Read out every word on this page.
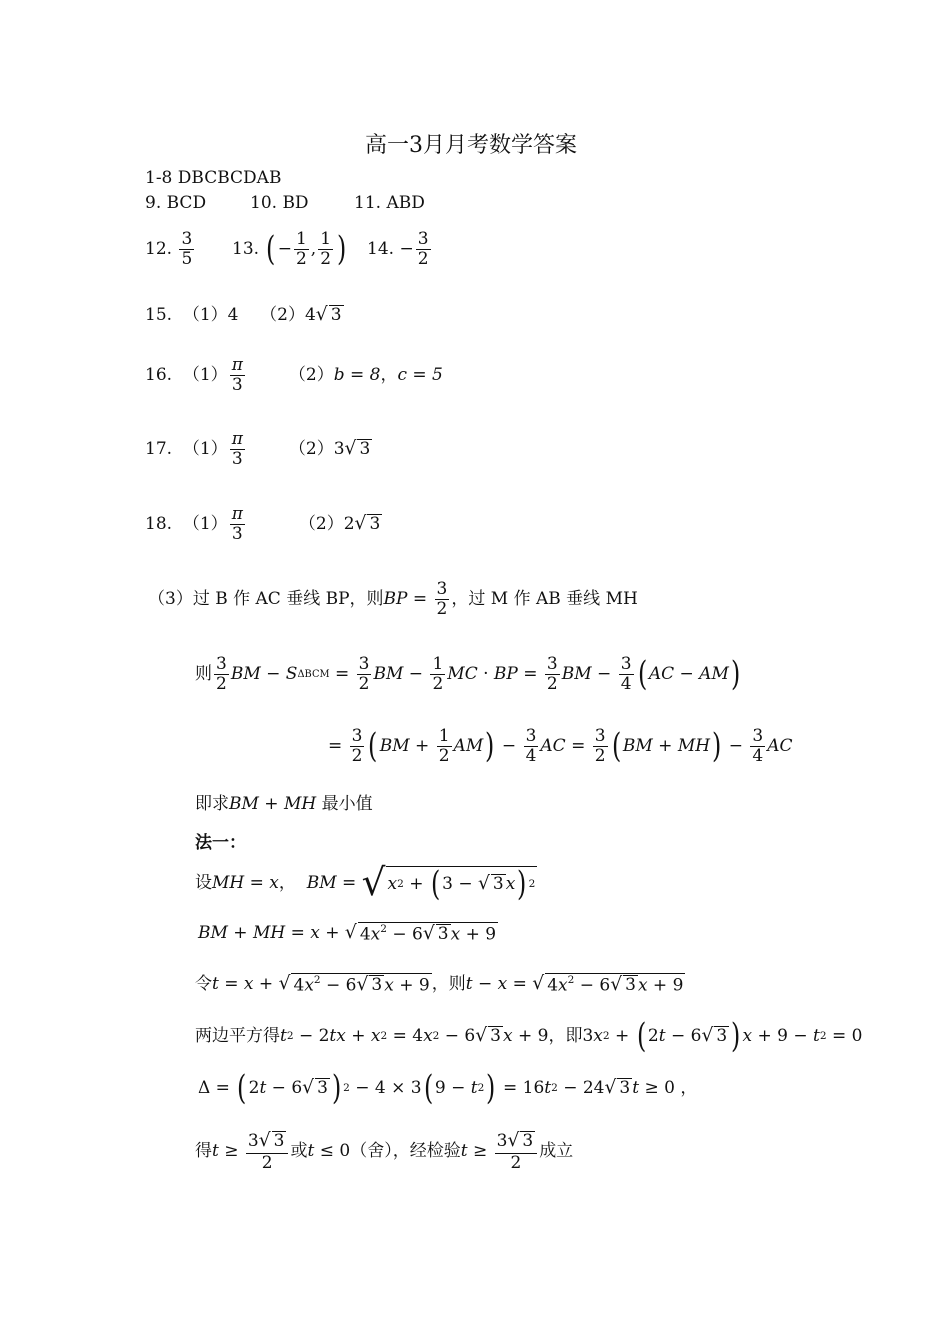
高一3月月考数学答案
1-8 DBCBCDAB
9. BCD	10. BD	11. ABD
12.
$\frac{3}{5} 13$.
( − $\frac{1}{2}$ , $\frac{1}{2}$ ) 14. − $\frac{3}{2}$
15.
（1）4
（2）4 √ 3
16.
$(1) \frac{\pi}{3}$	（2） b = 8 ， c = 5
17.
$(1) \frac{\pi}{3}$	（2）3 √ 3
18.
$(1) \frac{\pi}{3}$	（2）2 √ 3
（3）过 B 作 AC 垂线 BP，则 BP = $\frac{3}{2}$ ，过 M 作 AB 垂线 MH
则 $\frac{3}{2}$ BM − S $\Delta BCM = \frac{3}{2}$ BM − $\frac{1}{2}$ MC · BP = $\frac{3}{2}$ BM − $\frac{3}{4}$ ( AC − AM )
= $\frac{3}{2}$ ( BM + $\frac{1}{2}$ AM ) − $\frac{3}{4}$ AC = $\frac{3}{2}$ ( BM + MH ) − $\frac{3}{4}$ AC
即求 BM + MH
最小值
法一：
设 MH = x ， BM = √ x 2 + ( 3 − √ 3 x ) 2
BM + MH = x + √ $4x^2 - 6√$ 3 x + 9
令 t = x + √ $4x^2 - 6√$ 3 x + 9 ，则 t − x = √ $4x^2 - 6√$ 3 x + 9
两边平方得 t 2 − 2 tx + x 2 = 4 x 2 − 6 √ 3 x + 9 ，即 3 x 2 + ( 2 t − 6 √ 3 ) x + 9 − t 2 = 0
Δ = ( 2 t − 6 √ 3 ) 2 − 4 × 3 ( 9 − t 2 ) = 16 t 2 − 24 √ 3 t ≥ 0 ，
得 $t \ge \frac{3√ 3}{2}$ 或 t ≤ 0 （舍），经检验 $t \ge \frac{3√ 3}{2}$ 成立
